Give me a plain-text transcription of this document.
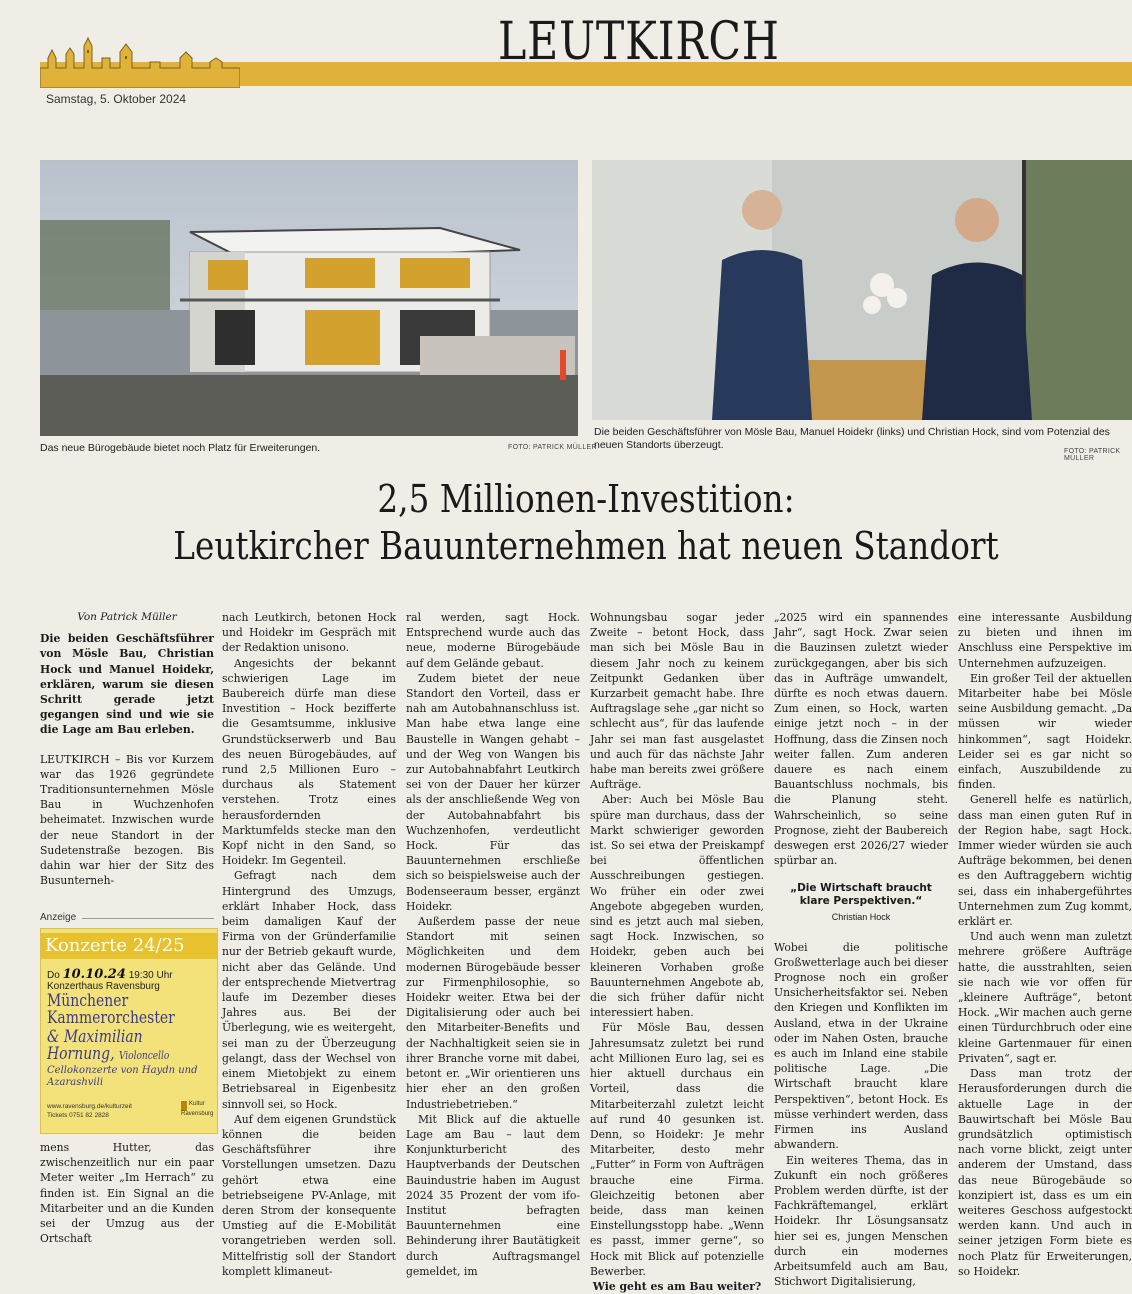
Samstag, 5. Oktober 2024
LEUTKIRCH
Das neue Bürogebäude bietet noch Platz für Erweiterungen.	FOTO: PATRICK MÜLLER
Die beiden Geschäftsführer von Mösle Bau, Manuel Hoidekr (links) und Christian Hock, sind vom Potenzial des neuen Standorts überzeugt.
FOTO: PATRICK MÜLLER
2,5 Millionen-Investition:
Leutkircher Bauunternehmen hat neuen Standort
Von Patrick Müller

Die beiden Geschäftsführer von Mösle Bau, Christian Hock und Manuel Hoidekr, erklären, warum sie diesen Schritt gerade jetzt gegangen sind und wie sie die Lage am Bau erleben.

LEUTKIRCH – Bis vor Kurzem war das 1926 gegründete Traditionsunternehmen Mösle Bau in Wuchzenhofen beheimatet. Inzwischen wurde der neue Standort in der Sudetenstraße bezogen. Bis dahin war hier der Sitz des Busunterneh-

Anzeige
Konzerte 24/25
Do 10.10.24 19:30 Uhr
Konzerthaus Ravensburg
Münchener
Kammerorchester
& Maximilian
Hornung, Violoncello
Cellokonzerte von Haydn und Azarashvili
www.ravensburg.de/kulturzeit
Tickets 0751 82 2828
Kultur
Ravensburg

mens Hutter, das zwischenzeitlich nur ein paar Meter weiter „Im Herrach“ zu finden ist. Ein Signal an die Mitarbeiter und an die Kunden sei der Umzug aus der Ortschaft

nach Leutkirch, betonen Hock und Hoidekr im Gespräch mit der Redaktion unisono.

Angesichts der bekannt schwierigen Lage im Baubereich dürfe man diese Investition – Hock bezifferte die Gesamtsumme, inklusive Grundstückserwerb und Bau des neuen Bürogebäudes, auf rund 2,5 Millionen Euro – durchaus als Statement verstehen. Trotz eines herausfordernden Marktumfelds stecke man den Kopf nicht in den Sand, so Hoidekr. Im Gegenteil.

Gefragt nach dem Hintergrund des Umzugs, erklärt Inhaber Hock, dass beim damaligen Kauf der Firma von der Gründerfamilie nur der Betrieb gekauft wurde, nicht aber das Gelände. Und der entsprechende Mietvertrag laufe im Dezember dieses Jahres aus. Bei der Überlegung, wie es weitergeht, sei man zu der Überzeugung gelangt, dass der Wechsel von einem Mietobjekt zu einem Betriebsareal in Eigenbesitz sinnvoll sei, so Hock.

Auf dem eigenen Grundstück können die beiden Geschäftsführer ihre Vorstellungen umsetzen. Dazu gehört etwa eine betriebseigene PV-Anlage, mit deren Strom der konsequente Umstieg auf die E-Mobilität vorangetrieben werden soll. Mittelfristig soll der Standort komplett klimaneut-

ral werden, sagt Hock. Entsprechend wurde auch das neue, moderne Bürogebäude auf dem Gelände gebaut.

Zudem bietet der neue Standort den Vorteil, dass er nah am Autobahnanschluss ist. Man habe etwa lange eine Baustelle in Wangen gehabt – und der Weg von Wangen bis zur Autobahnabfahrt Leutkirch sei von der Dauer her kürzer als der anschließende Weg von der Autobahnabfahrt bis Wuchzenhofen, verdeutlicht Hock. Für das Bauunternehmen erschließe sich so beispielsweise auch der Bodenseeraum besser, ergänzt Hoidekr.

Außerdem passe der neue Standort mit seinen Möglichkeiten und dem modernen Bürogebäude besser zur Firmenphilosophie, so Hoidekr weiter. Etwa bei der Digitalisierung oder auch bei den Mitarbeiter-Benefits und der Nachhaltigkeit seien sie in ihrer Branche vorne mit dabei, betont er. „Wir orientieren uns hier eher an den großen Industriebetrieben.“

Mit Blick auf die aktuelle Lage am Bau – laut dem Konjunkturbericht des Hauptverbands der Deutschen Bauindustrie haben im August 2024 35 Prozent der vom ifo-Institut befragten Bauunternehmen eine Behinderung ihrer Bautätigkeit durch Auftragsmangel gemeldet, im

Wohnungsbau sogar jeder Zweite – betont Hock, dass man sich bei Mösle Bau in diesem Jahr noch zu keinem Zeitpunkt Gedanken über Kurzarbeit gemacht habe. Ihre Auftragslage sehe „gar nicht so schlecht aus“, für das laufende Jahr sei man fast ausgelastet und auch für das nächste Jahr habe man bereits zwei größere Aufträge.

Aber: Auch bei Mösle Bau spüre man durchaus, dass der Markt schwieriger geworden ist. So sei etwa der Preiskampf bei öffentlichen Ausschreibungen gestiegen. Wo früher ein oder zwei Angebote abgegeben wurden, sind es jetzt auch mal sieben, sagt Hock. Inzwischen, so Hoidekr, geben auch bei kleineren Vorhaben große Bauunternehmen Angebote ab, die sich früher dafür nicht interessiert haben.

Für Mösle Bau, dessen Jahresumsatz zuletzt bei rund acht Millionen Euro lag, sei es hier aktuell durchaus ein Vorteil, dass die Mitarbeiterzahl zuletzt leicht auf rund 40 gesunken ist. Denn, so Hoidekr: Je mehr Mitarbeiter, desto mehr „Futter“ in Form von Aufträgen brauche eine Firma. Gleichzeitig betonen aber beide, dass man keinen Einstellungsstopp habe. „Wenn es passt, immer gerne“, so Hock mit Blick auf potenzielle Bewerber.

Wie geht es am Bau weiter?

„2025 wird ein spannendes Jahr“, sagt Hock. Zwar seien die Bauzinsen zuletzt wieder zurückgegangen, aber bis sich das in Aufträge umwandelt, dürfte es noch etwas dauern. Zum einen, so Hock, warten einige jetzt noch – in der Hoffnung, dass die Zinsen noch weiter fallen. Zum anderen dauere es nach einem Bauantschluss nochmals, bis die Planung steht. Wahrscheinlich, so seine Prognose, zieht der Baubereich deswegen erst 2026/27 wieder spürbar an.

„Die Wirtschaft braucht klare Perspektiven.“
Christian Hock

Wobei die politische Großwetterlage auch bei dieser Prognose noch ein großer Unsicherheitsfaktor sei. Neben den Kriegen und Konflikten im Ausland, etwa in der Ukraine oder im Nahen Osten, brauche es auch im Inland eine stabile politische Lage. „Die Wirtschaft braucht klare Perspektiven“, betont Hock. Es müsse verhindert werden, dass Firmen ins Ausland abwandern.

Ein weiteres Thema, das in Zukunft ein noch größeres Problem werden dürfte, ist der Fachkräftemangel, erklärt Hoidekr. Ihr Lösungsansatz hier sei es, jungen Menschen durch ein modernes Arbeitsumfeld auch am Bau, Stichwort Digitalisierung,

eine interessante Ausbildung zu bieten und ihnen im Anschluss eine Perspektive im Unternehmen aufzuzeigen.

Ein großer Teil der aktuellen Mitarbeiter habe bei Mösle seine Ausbildung gemacht. „Da müssen wir wieder hinkommen“, sagt Hoidekr. Leider sei es gar nicht so einfach, Auszubildende zu finden.

Generell helfe es natürlich, dass man einen guten Ruf in der Region habe, sagt Hock. Immer wieder würden sie auch Aufträge bekommen, bei denen es den Auftraggebern wichtig sei, dass ein inhabergeführtes Unternehmen zum Zug kommt, erklärt er.

Und auch wenn man zuletzt mehrere größere Aufträge hatte, die ausstrahlten, seien sie nach wie vor offen für „kleinere Aufträge“, betont Hock. „Wir machen auch gerne einen Türdurchbruch oder eine kleine Gartenmauer für einen Privaten“, sagt er.

Dass man trotz der Herausforderungen durch die aktuelle Lage in der Bauwirtschaft bei Mösle Bau grundsätzlich optimistisch nach vorne blickt, zeigt unter anderem der Umstand, dass das neue Bürogebäude so konzipiert ist, dass es um ein weiteres Geschoss aufgestockt werden kann. Und auch in seiner jetzigen Form biete es noch Platz für Erweiterungen, so Hoidekr.
